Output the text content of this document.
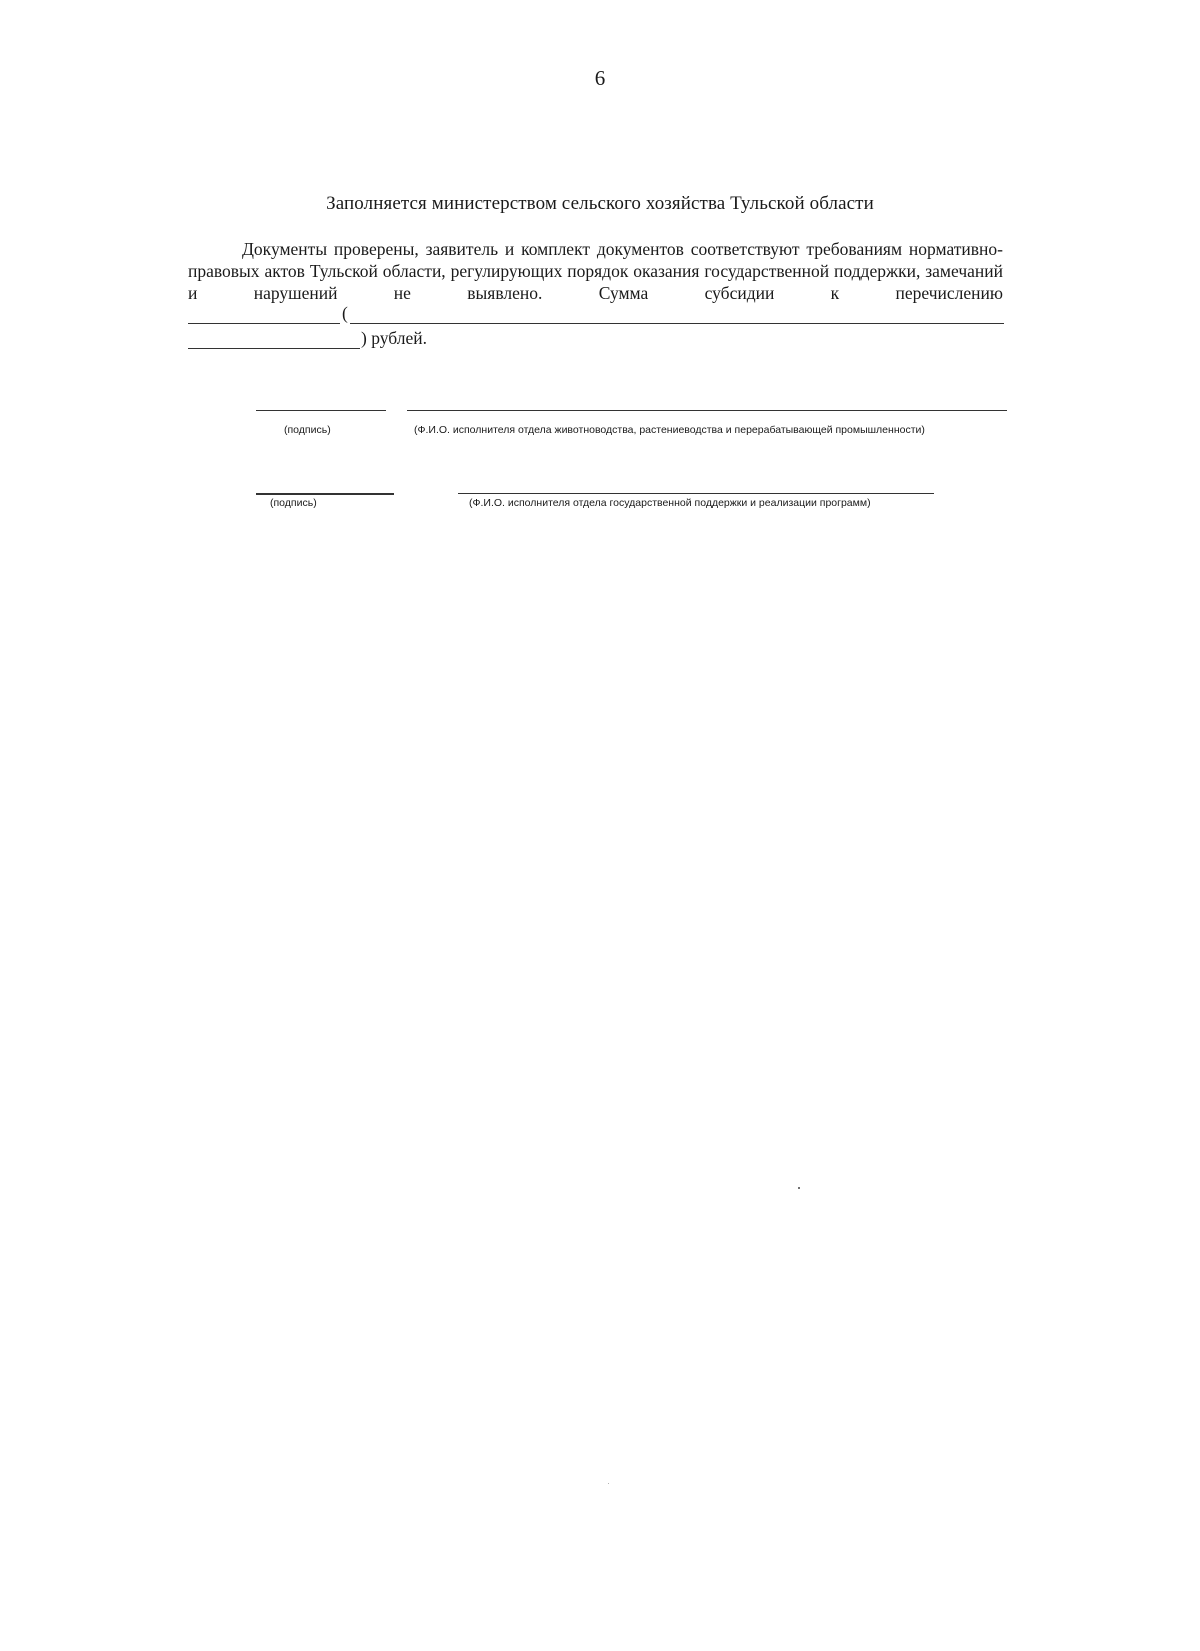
6
Заполняется министерством сельского хозяйства Тульской области

Документы проверены, заявитель и комплект документов соответствуют требованиям нормативно-правовых актов Тульской области, регулирующих порядок оказания государственной поддержки, замечаний и нарушений не выявлено. Сумма субсидии к перечислению

(
) рублей.
(подпись)	(Ф.И.О. исполнителя отдела животноводства, растениеводства и перерабатывающей промышленности)
(подпись)	(Ф.И.О. исполнителя отдела государственной поддержки и реализации программ)
